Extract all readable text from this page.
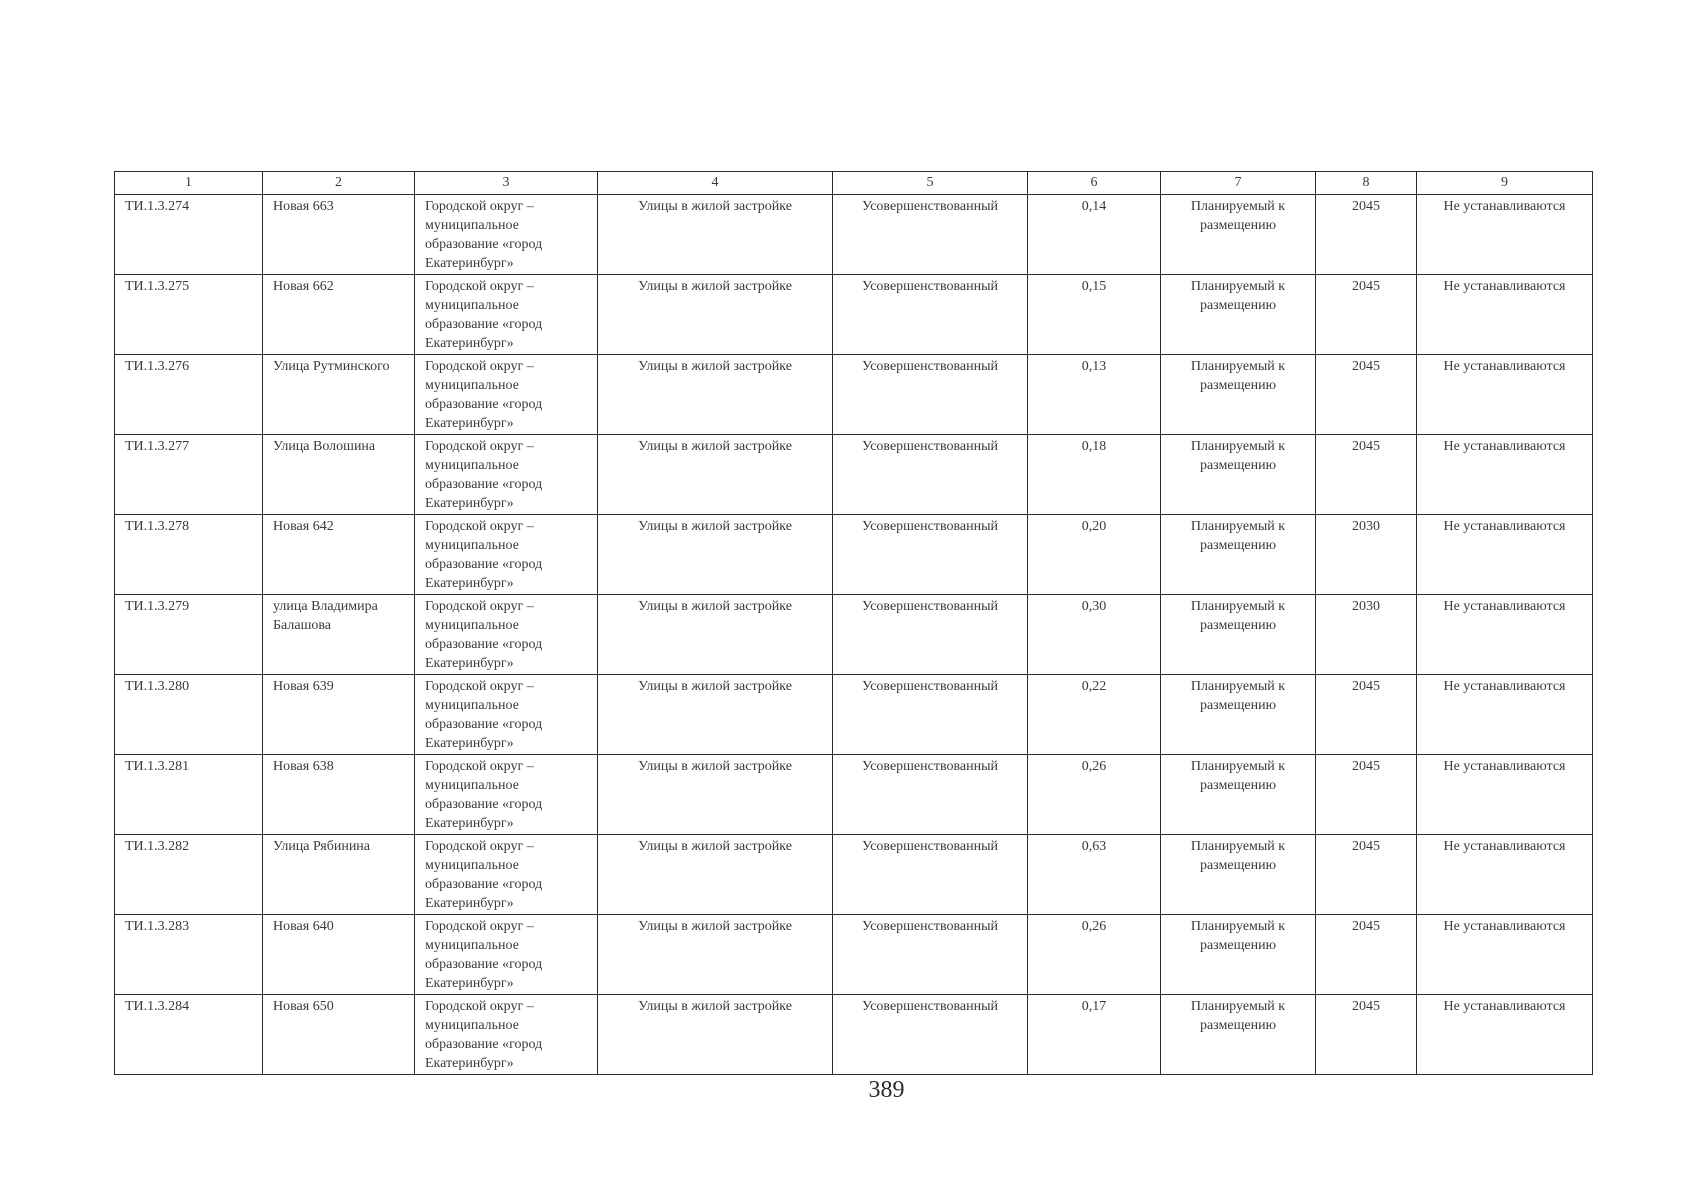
1	2	3	4	5	6	7	8	9
ТИ.1.3.274	Новая 663	Городской округ – муниципальное образование «город Екатеринбург»	Улицы в жилой застройке	Усовершенствованный	0,14	Планируемый к размещению	2045	Не устанавливаются
ТИ.1.3.275	Новая 662	Городской округ – муниципальное образование «город Екатеринбург»	Улицы в жилой застройке	Усовершенствованный	0,15	Планируемый к размещению	2045	Не устанавливаются
ТИ.1.3.276	Улица Рутминского	Городской округ – муниципальное образование «город Екатеринбург»	Улицы в жилой застройке	Усовершенствованный	0,13	Планируемый к размещению	2045	Не устанавливаются
ТИ.1.3.277	Улица Волошина	Городской округ – муниципальное образование «город Екатеринбург»	Улицы в жилой застройке	Усовершенствованный	0,18	Планируемый к размещению	2045	Не устанавливаются
ТИ.1.3.278	Новая 642	Городской округ – муниципальное образование «город Екатеринбург»	Улицы в жилой застройке	Усовершенствованный	0,20	Планируемый к размещению	2030	Не устанавливаются
ТИ.1.3.279	улица Владимира Балашова	Городской округ – муниципальное образование «город Екатеринбург»	Улицы в жилой застройке	Усовершенствованный	0,30	Планируемый к размещению	2030	Не устанавливаются
ТИ.1.3.280	Новая 639	Городской округ – муниципальное образование «город Екатеринбург»	Улицы в жилой застройке	Усовершенствованный	0,22	Планируемый к размещению	2045	Не устанавливаются
ТИ.1.3.281	Новая 638	Городской округ – муниципальное образование «город Екатеринбург»	Улицы в жилой застройке	Усовершенствованный	0,26	Планируемый к размещению	2045	Не устанавливаются
ТИ.1.3.282	Улица Рябинина	Городской округ – муниципальное образование «город Екатеринбург»	Улицы в жилой застройке	Усовершенствованный	0,63	Планируемый к размещению	2045	Не устанавливаются
ТИ.1.3.283	Новая 640	Городской округ – муниципальное образование «город Екатеринбург»	Улицы в жилой застройке	Усовершенствованный	0,26	Планируемый к размещению	2045	Не устанавливаются
ТИ.1.3.284	Новая 650	Городской округ – муниципальное образование «город Екатеринбург»	Улицы в жилой застройке	Усовершенствованный	0,17	Планируемый к размещению	2045	Не устанавливаются
389
